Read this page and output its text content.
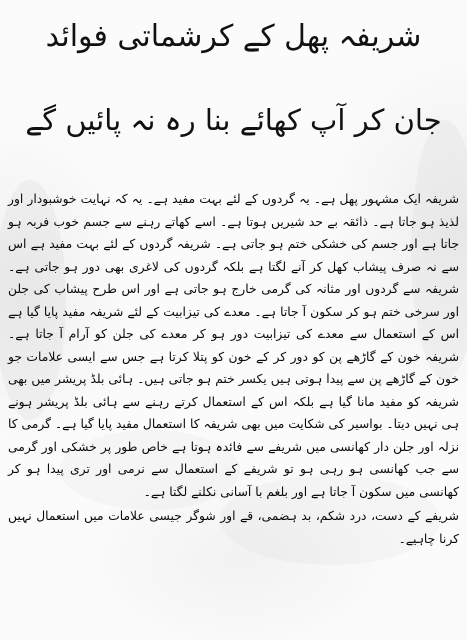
شریفہ پھل کے کرشماتی فوائد
جان کر آپ کھائے بنا رہ نہ پائیں گے

شریفہ ایک مشہور پھل ہے۔ یہ گردوں کے لئے بہت مفید ہے۔ یہ کہ نہایت خوشبودار اور لذیذ ہو جاتا ہے۔ ذائقہ بے حد شیریں ہوتا ہے۔ اسے کھاتے رہنے سے جسم خوب فربہ ہو جاتا ہے اور جسم کی خشکی ختم ہو جاتی ہے۔ شریفہ گردوں کے لئے بہت مفید ہے اس سے نہ صرف پیشاب کھل کر آنے لگتا ہے بلکہ گردوں کی لاغری بھی دور ہو جاتی ہے۔ شریفہ سے گردوں اور مثانہ کی گرمی خارج ہو جاتی ہے اور اس طرح پیشاب کی جلن اور سرخی ختم ہو کر سکون آ جاتا ہے۔ معدے کی تیزابیت کے لئے شریفہ مفید پایا گیا ہے اس کے استعمال سے معدے کی تیزابیت دور ہو کر معدے کی جلن کو آرام آ جاتا ہے۔ شریفہ خون کے گاڑھے پن کو دور کر کے خون کو پتلا کرتا ہے جس سے ایسی علامات جو خون کے گاڑھے پن سے پیدا ہوتی ہیں یکسر ختم ہو جاتی ہیں۔ ہائی بلڈ پریشر میں بھی شریفہ کو مفید مانا گیا ہے بلکہ اس کے استعمال کرتے رہنے سے ہائی بلڈ پریشر ہونے ہی نہیں دیتا۔ بواسیر کی شکایت میں بھی شریفہ کا استعمال مفید پایا گیا ہے۔ گرمی کا نزلہ اور جلن دار کھانسی میں شریفے سے فائدہ ہوتا ہے خاص طور پر خشکی اور گرمی سے جب کھانسی ہو رہی ہو تو شریفے کے استعمال سے نرمی اور تری پیدا ہو کر کھانسی میں سکون آ جاتا ہے اور بلغم با آسانی نکلنے لگتا ہے۔

شریفے کے دست، درد شکم، بد ہضمی، قے اور شوگر جیسی علامات میں استعمال نہیں کرنا چاہیے۔
